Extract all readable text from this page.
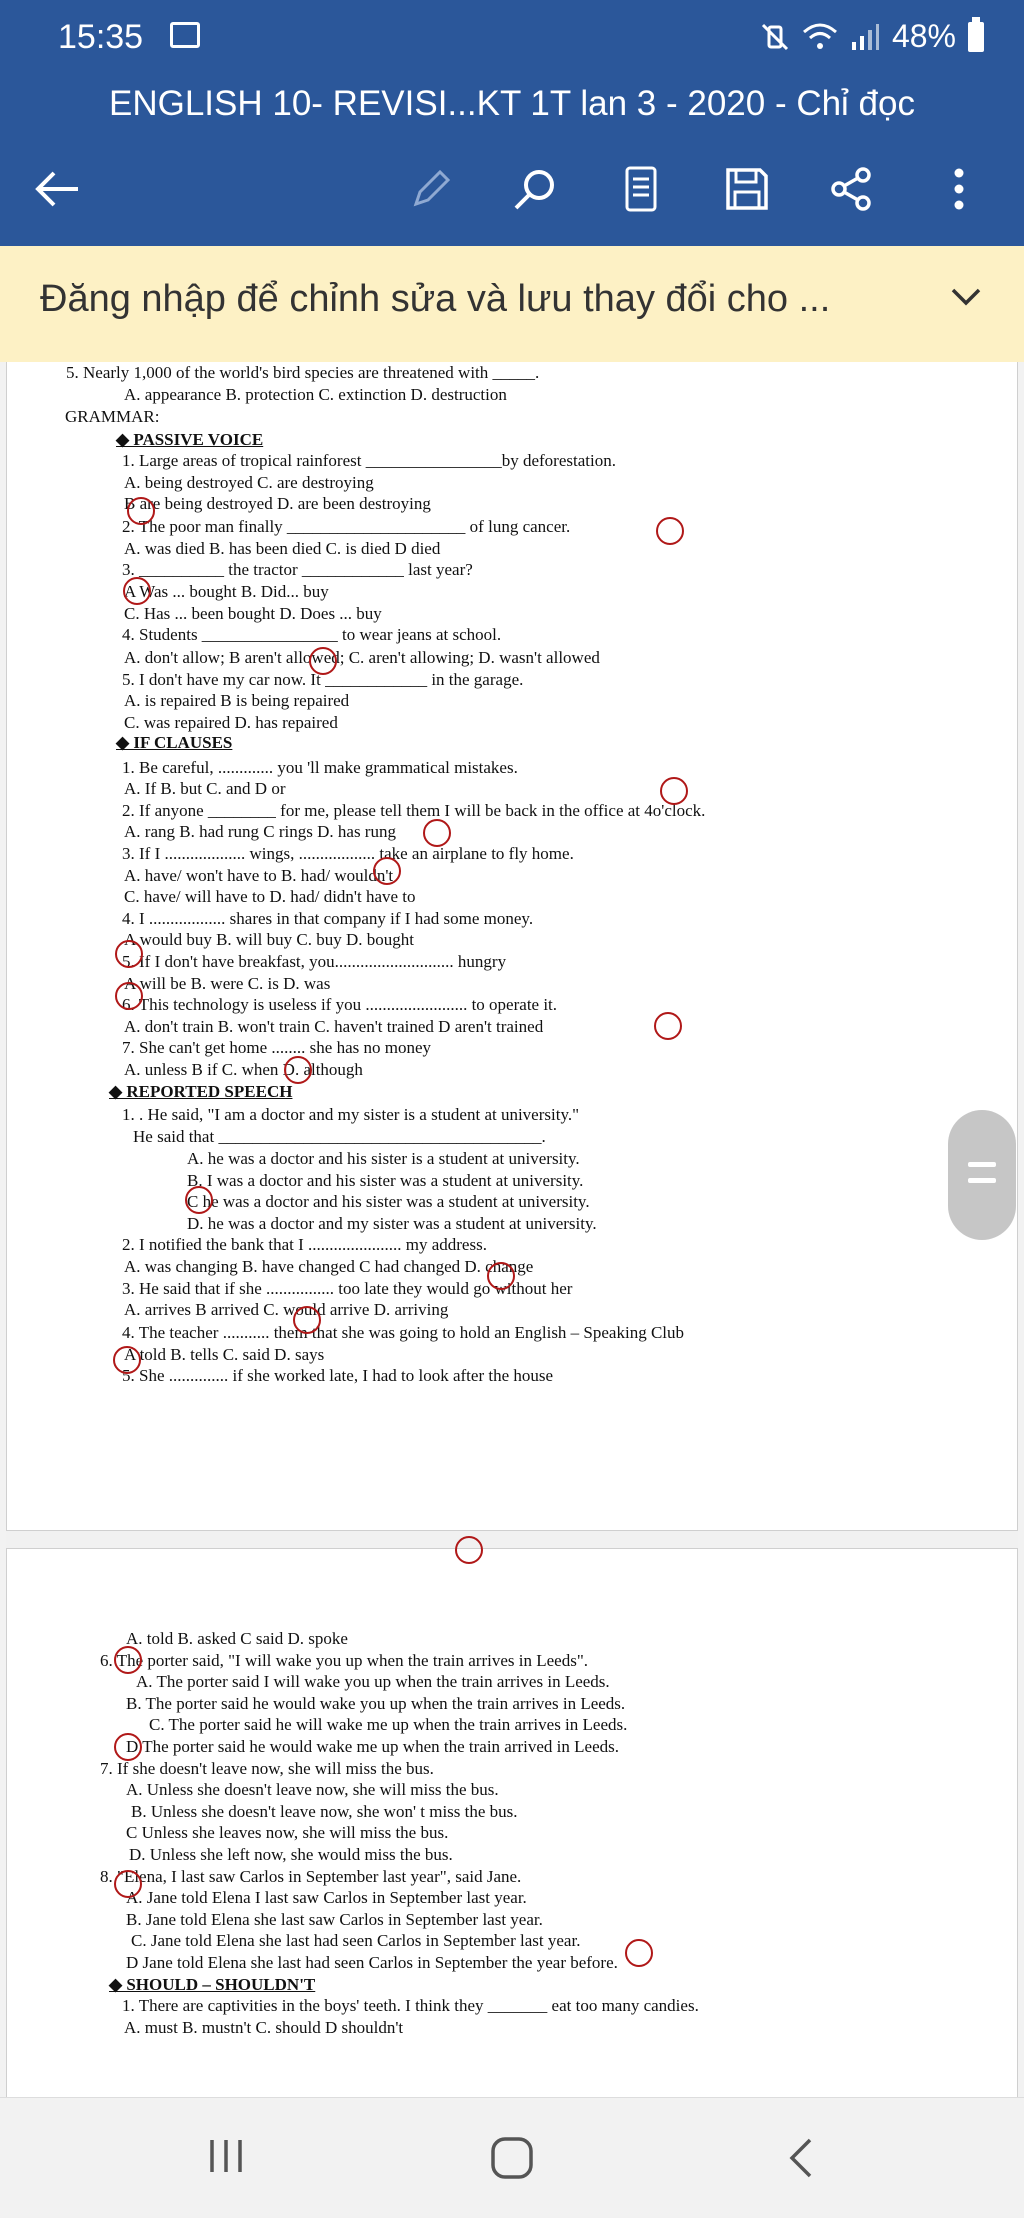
15:35	48%
ENGLISH 10- REVISI...KT 1T lan 3 - 2020 - Chỉ đọc
Đăng nhập để chỉnh sửa và lưu thay đổi cho ...
5. Nearly 1,000 of the world's bird species are threatened with _____.
A. appearance B. protection C. extinction D. destruction
GRAMMAR:
◆ PASSIVE VOICE
1. Large areas of tropical rainforest ________________by deforestation.
A. being destroyed C. are destroying
B are being destroyed D. are been destroying
2. The poor man finally _____________________ of lung cancer.
A. was died B. has been died C. is died D died
3. __________ the tractor ____________ last year?
A Was ... bought B. Did... buy
C. Has ... been bought D. Does ... buy
4. Students ________________ to wear jeans at school.
A. don't allow; B aren't allowed; C. aren't allowing; D. wasn't allowed
5. I don't have my car now. It ____________ in the garage.
A. is repaired B is being repaired
C. was repaired D. has repaired
◆ IF CLAUSES
1. Be careful, ............. you 'll make grammatical mistakes.
A. If B. but C. and D or
2. If anyone ________ for me, please tell them I will be back in the office at 4o'clock.
A. rang B. had rung C rings D. has rung
3. If I ................... wings, .................. take an airplane to fly home.
A. have/ won't have to B. had/ wouldn't
C. have/ will have to D. had/ didn't have to
4. I .................. shares in that company if I had some money.
A would buy B. will buy C. buy D. bought
5. If I don't have breakfast, you............................ hungry
A will be B. were C. is D. was
6. This technology is useless if you ........................ to operate it.
A. don't train B. won't train C. haven't trained D aren't trained
7. She can't get home ........ she has no money
A. unless B if C. when D. although
◆ REPORTED SPEECH
1. . He said, "I am a doctor and my sister is a student at university."
He said that ______________________________________.
A. he was a doctor and his sister is a student at university.
B. I was a doctor and his sister was a student at university.
C he was a doctor and his sister was a student at university.
D. he was a doctor and my sister was a student at university.
2. I notified the bank that I ...................... my address.
A. was changing B. have changed C had changed D. change
3. He said that if she ................ too late they would go without her
A. arrives B arrived C. would arrive D. arriving
4. The teacher ........... them that she was going to hold an English – Speaking Club
A told B. tells C. said D. says
5. She .............. if she worked late, I had to look after the house
A. told B. asked C said D. spoke
6. The porter said, "I will wake you up when the train arrives in Leeds".
A. The porter said I will wake you up when the train arrives in Leeds.
B. The porter said he would wake you up when the train arrives in Leeds.
C. The porter said he will wake me up when the train arrives in Leeds.
D The porter said he would wake me up when the train arrived in Leeds.
7. If she doesn't leave now, she will miss the bus.
A. Unless she doesn't leave now, she will miss the bus.
B. Unless she doesn't leave now, she won' t miss the bus.
C Unless she leaves now, she will miss the bus.
D. Unless she left now, she would miss the bus.
8. "Elena, I last saw Carlos in September last year", said Jane.
A. Jane told Elena I last saw Carlos in September last year.
B. Jane told Elena she last saw Carlos in September last year.
C. Jane told Elena she last had seen Carlos in September last year.
D Jane told Elena she last had seen Carlos in September the year before.
◆ SHOULD – SHOULDN'T
1. There are captivities in the boys' teeth. I think they _______ eat too many candies.
A. must B. mustn't C. should D shouldn't
